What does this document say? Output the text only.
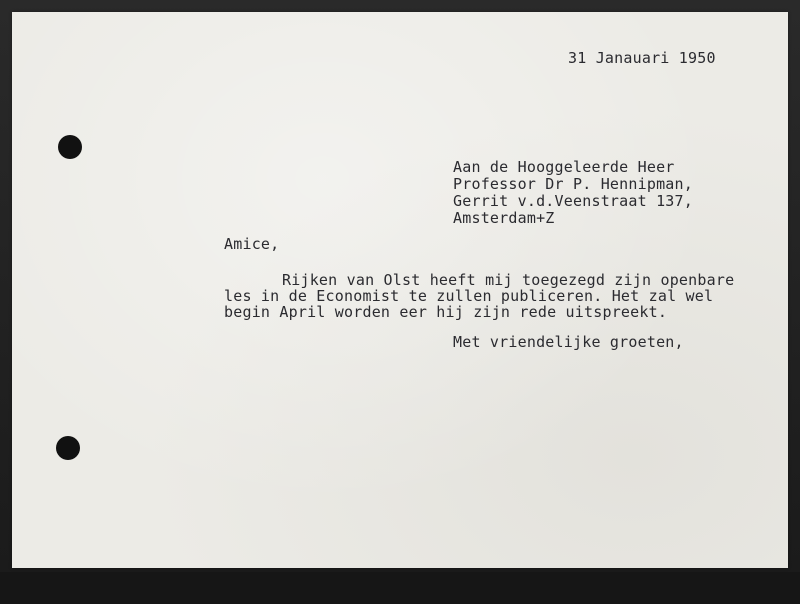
31 Janauari 1950
Aan de Hooggeleerde Heer
Professor Dr P. Hennipman,
Gerrit v.d.Veenstraat 137,
Amsterdam+Z
Amice,
Rijken van Olst heeft mij toegezegd zijn openbare
les in de Economist te zullen publiceren. Het zal wel
begin April worden eer hij zijn rede uitspreekt.
Met vriendelijke groeten,
